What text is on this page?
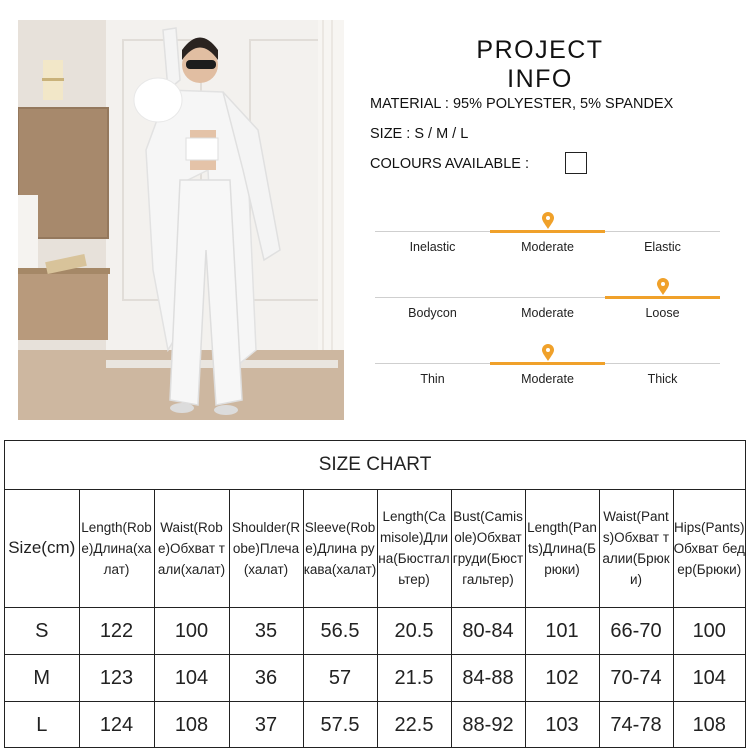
PROJECT INFO
MATERIAL : 95% POLYESTER, 5% SPANDEX
SIZE : S / M / L
COLOURS AVAILABLE :
Inelastic	Moderate	Elastic
Bodycon	Moderate	Loose
Thin	Moderate	Thick
SIZE CHART
Size(cm)	Length(Robe)Длина(халат)	Waist(Robe)Обхват тали(халат)	Shoulder(Robe)Плеча(халат)	Sleeve(Robe)Длина рукава(халат)	Length(Camisole)Длина(Бюстгальтер)	Bust(Camisole)Обхват груди(Бюстгальтер)	Length(Pants)Длина(Брюки)	Waist(Pants)Обхват талии(Брюки)	Hips(Pants)Обхват бедер(Брюки)
S	122	100	35	56.5	20.5	80-84	101	66-70	100
M	123	104	36	57	21.5	84-88	102	70-74	104
L	124	108	37	57.5	22.5	88-92	103	74-78	108
